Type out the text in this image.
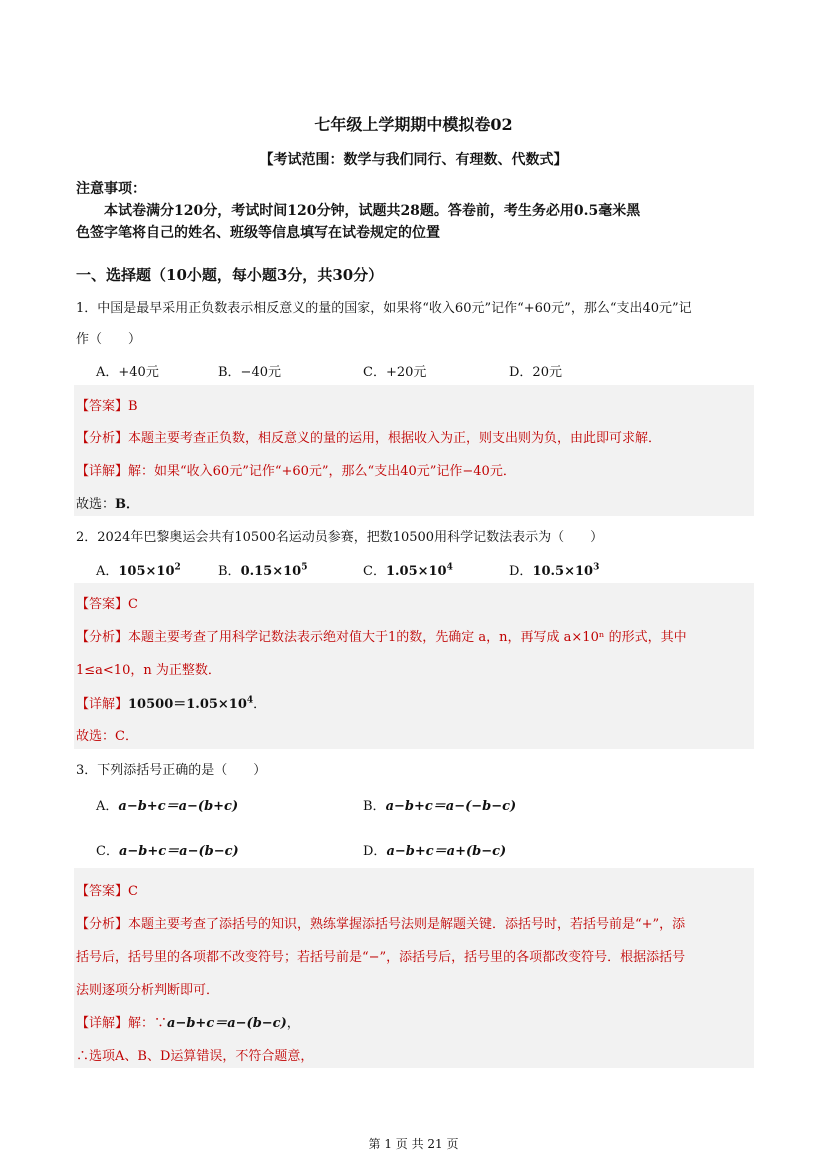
七年级上学期期中模拟卷02
【考试范围：数学与我们同行、有理数、代数式】
注意事项：
本试卷满分120分，考试时间120分钟，试题共28题。答卷前，考生务必用0.5毫米黑
色签字笔将自己的姓名、班级等信息填写在试卷规定的位置
一、选择题（10小题，每小题3分，共30分）
1．中国是最早采用正负数表示相反意义的量的国家，如果将“收入60元”记作“+60元”，那么“支出40元”记
作（　　）
A．+40元	B．−40元	C．+20元	D．20元
【答案】B
【分析】本题主要考查正负数，相反意义的量的运用，根据收入为正，则支出则为负，由此即可求解．
【详解】解：如果“收入60元”记作“+60元”，那么“支出40元”记作−40元．
故选：B．
2．2024年巴黎奥运会共有10500名运动员参赛，把数10500用科学记数法表示为（　　）
A．$105\times 10^2$	B．$0.15\times 10^5$	C．$1.05\times 10^4$	D．$10.5\times 10^3$
【答案】C
【分析】本题主要考查了用科学记数法表示绝对值大于1的数，先确定 a，n，再写成 a×10ⁿ 的形式，其中
1≤a<10，n 为正整数．
【详解】$10500=1.05\times 10^4$．
故选：C．
3．下列添括号正确的是（　　）
A．a−b+c＝a−(b+c)	B．a−b+c＝a−(−b−c)
C．a−b+c＝a−(b−c)	D．a−b+c＝a+(b−c)
【答案】C
【分析】本题主要考查了添括号的知识，熟练掌握添括号法则是解题关键．添括号时，若括号前是“+”，添
括号后，括号里的各项都不改变符号；若括号前是“−”，添括号后，括号里的各项都改变符号．根据添括号
法则逐项分析判断即可．
【详解】解：∵a−b+c＝a−(b−c)，
∴选项A、B、D运算错误，不符合题意，
第 1 页 共 21 页
